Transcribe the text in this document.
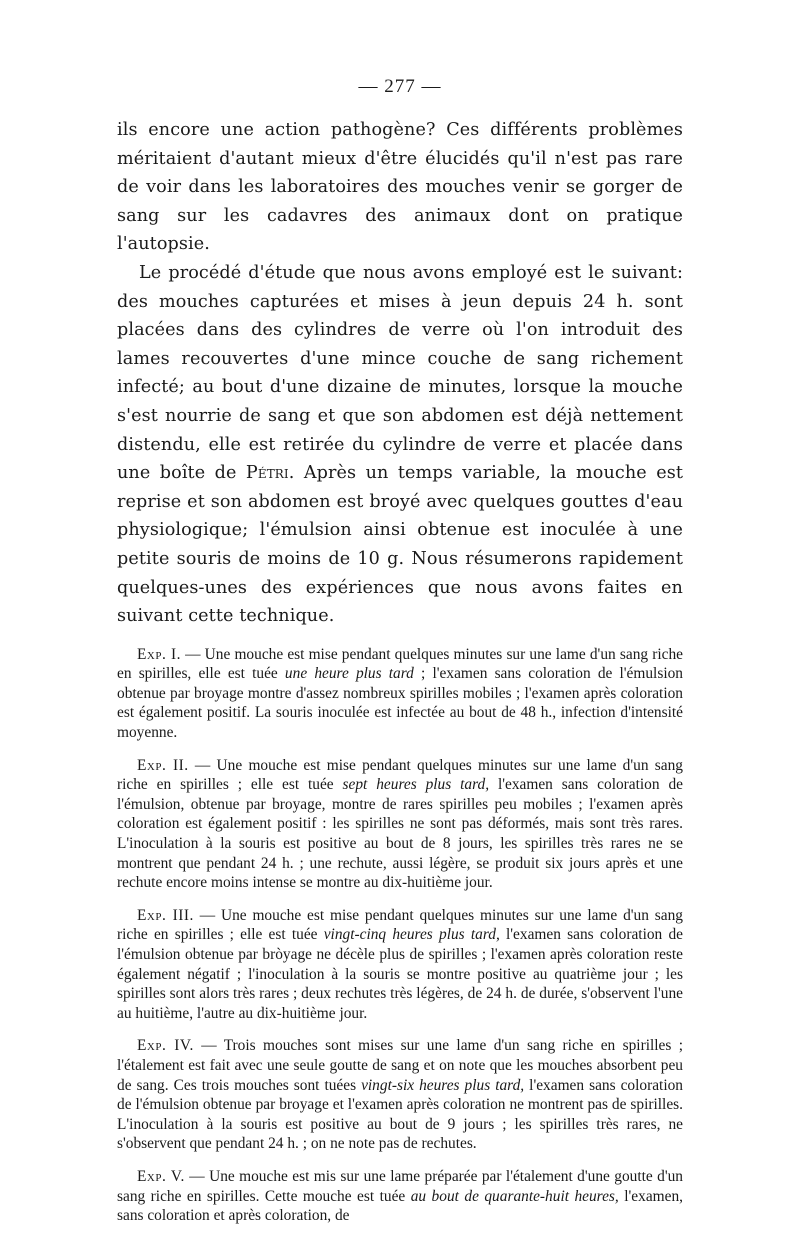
— 277 —

ils encore une action pathogène? Ces différents problèmes méritaient d'autant mieux d'être élucidés qu'il n'est pas rare de voir dans les laboratoires des mouches venir se gorger de sang sur les cadavres des animaux dont on pratique l'autopsie.

Le procédé d'étude que nous avons employé est le suivant: des mouches capturées et mises à jeun depuis 24 h. sont placées dans des cylindres de verre où l'on introduit des lames recouvertes d'une mince couche de sang richement infecté; au bout d'une dizaine de minutes, lorsque la mouche s'est nourrie de sang et que son abdomen est déjà nettement distendu, elle est retirée du cylindre de verre et placée dans une boîte de Pétri. Après un temps variable, la mouche est reprise et son abdomen est broyé avec quelques gouttes d'eau physiologique; l'émulsion ainsi obtenue est inoculée à une petite souris de moins de 10 g. Nous résumerons rapidement quelques-unes des expériences que nous avons faites en suivant cette technique.

Exp. I. — Une mouche est mise pendant quelques minutes sur une lame d'un sang riche en spirilles, elle est tuée une heure plus tard ; l'examen sans coloration de l'émulsion obtenue par broyage montre d'assez nombreux spirilles mobiles ; l'examen après coloration est également positif. La souris inoculée est infectée au bout de 48 h., infection d'intensité moyenne.

Exp. II. — Une mouche est mise pendant quelques minutes sur une lame d'un sang riche en spirilles ; elle est tuée sept heures plus tard, l'examen sans coloration de l'émulsion, obtenue par broyage, montre de rares spirilles peu mobiles ; l'examen après coloration est également positif : les spirilles ne sont pas déformés, mais sont très rares. L'inoculation à la souris est positive au bout de 8 jours, les spirilles très rares ne se montrent que pendant 24 h. ; une rechute, aussi légère, se produit six jours après et une rechute encore moins intense se montre au dix-huitième jour.

Exp. III. — Une mouche est mise pendant quelques minutes sur une lame d'un sang riche en spirilles ; elle est tuée vingt-cinq heures plus tard, l'examen sans coloration de l'émulsion obtenue par bròyage ne décèle plus de spirilles ; l'examen après coloration reste également négatif ; l'inoculation à la souris se montre positive au quatrième jour ; les spirilles sont alors très rares ; deux rechutes très légères, de 24 h. de durée, s'observent l'une au huitième, l'autre au dix-huitième jour.

Exp. IV. — Trois mouches sont mises sur une lame d'un sang riche en spirilles ; l'étalement est fait avec une seule goutte de sang et on note que les mouches absorbent peu de sang. Ces trois mouches sont tuées vingt-six heures plus tard, l'examen sans coloration de l'émulsion obtenue par broyage et l'examen après coloration ne montrent pas de spirilles. L'inoculation à la souris est positive au bout de 9 jours ; les spirilles très rares, ne s'observent que pendant 24 h. ; on ne note pas de rechutes.

Exp. V. — Une mouche est mis sur une lame préparée par l'étalement d'une goutte d'un sang riche en spirilles. Cette mouche est tuée au bout de quarante-huit heures, l'examen, sans coloration et après coloration, de
